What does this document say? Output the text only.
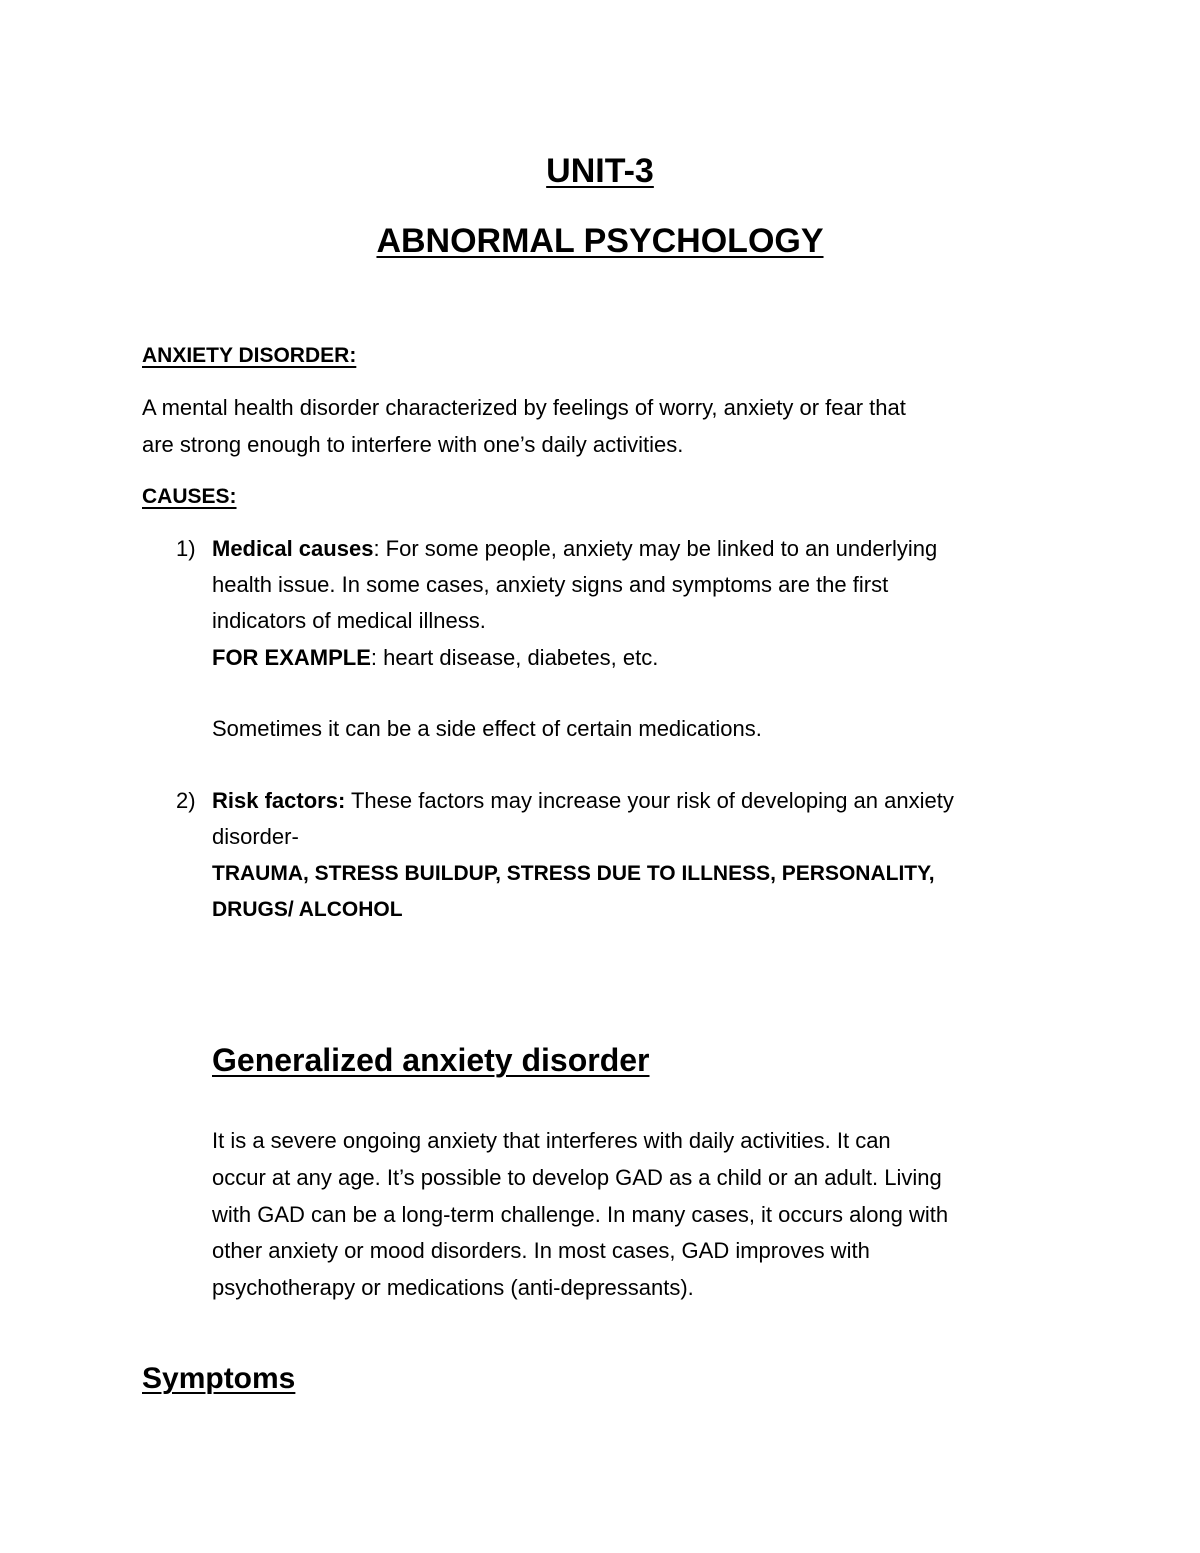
UNIT-3
ABNORMAL PSYCHOLOGY
ANXIETY DISORDER:
A mental health disorder characterized by feelings of worry, anxiety or fear that
are strong enough to interfere with one’s daily activities.
CAUSES:
1) Medical causes: For some people, anxiety may be linked to an underlying
health issue. In some cases, anxiety signs and symptoms are the first
indicators of medical illness.
FOR EXAMPLE: heart disease, diabetes, etc.
Sometimes it can be a side effect of certain medications.
2) Risk factors: These factors may increase your risk of developing an anxiety
disorder-
TRAUMA, STRESS BUILDUP, STRESS DUE TO ILLNESS, PERSONALITY,
DRUGS/ ALCOHOL
Generalized anxiety disorder
It is a severe ongoing anxiety that interferes with daily activities. It can
occur at any age. It’s possible to develop GAD as a child or an adult. Living
with GAD can be a long-term challenge. In many cases, it occurs along with
other anxiety or mood disorders. In most cases, GAD improves with
psychotherapy or medications (anti-depressants).
Symptoms
